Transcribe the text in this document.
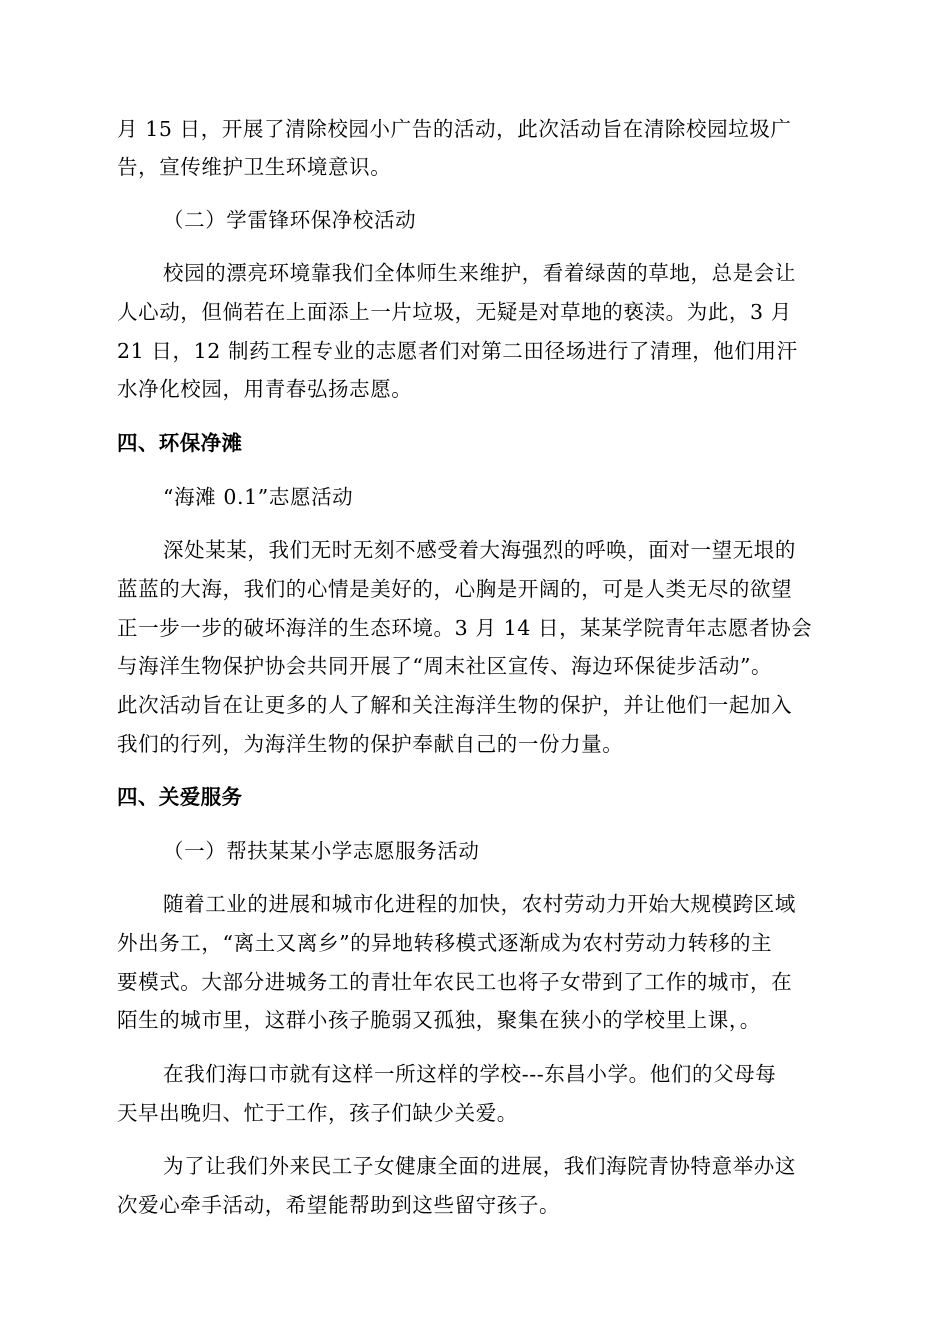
月 15 日，开展了清除校园小广告的活动，此次活动旨在清除校园垃圾广
告，宣传维护卫生环境意识。
（二）学雷锋环保净校活动
校园的漂亮环境靠我们全体师生来维护，看着绿茵的草地，总是会让
人心动，但倘若在上面添上一片垃圾，无疑是对草地的亵渎。为此，3 月
21 日，12 制药工程专业的志愿者们对第二田径场进行了清理，他们用汗
水净化校园，用青春弘扬志愿。
四、环保净滩
“海滩 0.1”志愿活动
深处某某，我们无时无刻不感受着大海强烈的呼唤，面对一望无垠的
蓝蓝的大海，我们的心情是美好的，心胸是开阔的，可是人类无尽的欲望
正一步一步的破坏海洋的生态环境。3 月 14 日，某某学院青年志愿者协会
与海洋生物保护协会共同开展了“周末社区宣传、海边环保徒步活动”。
此次活动旨在让更多的人了解和关注海洋生物的保护，并让他们一起加入
我们的行列，为海洋生物的保护奉献自己的一份力量。
四、关爱服务
（一）帮扶某某小学志愿服务活动
随着工业的进展和城市化进程的加快，农村劳动力开始大规模跨区域
外出务工，“离土又离乡”的异地转移模式逐渐成为农村劳动力转移的主
要模式。大部分进城务工的青壮年农民工也将子女带到了工作的城市，在
陌生的城市里，这群小孩子脆弱又孤独，聚集在狭小的学校里上课，。
在我们海口市就有这样一所这样的学校---东昌小学。他们的父母每
天早出晚归、忙于工作，孩子们缺少关爱。
为了让我们外来民工子女健康全面的进展，我们海院青协特意举办这
次爱心牵手活动，希望能帮助到这些留守孩子。
